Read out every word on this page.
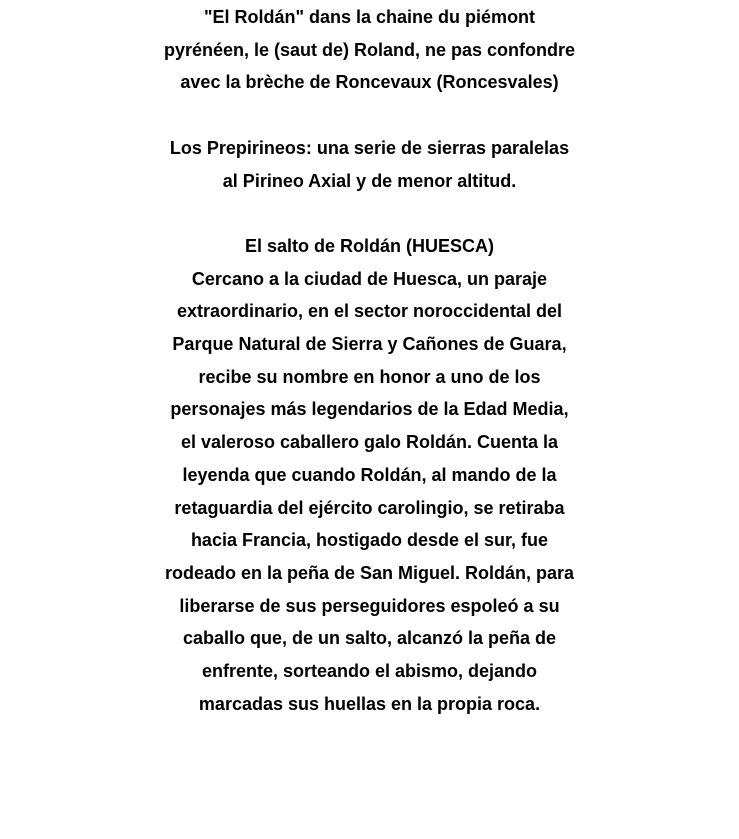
"El Roldán" dans la chaine du piémont
pyrénéen, le (saut de) Roland, ne pas confondre
avec la brèche de Roncevaux (Roncesvales)
Los Prepirineos: una serie de sierras paralelas
al Pirineo Axial y de menor altitud.
El salto de Roldán (HUESCA)
Cercano a la ciudad de Huesca, un paraje
extraordinario, en el sector noroccidental del
Parque Natural de Sierra y Cañones de Guara,
recibe su nombre en honor a uno de los
personajes más legendarios de la Edad Media,
el valeroso caballero galo Roldán. Cuenta la
leyenda que cuando Roldán, al mando de la
retaguardia del ejército carolingio, se retiraba
hacia Francia, hostigado desde el sur, fue
rodeado en la peña de San Miguel. Roldán, para
liberarse de sus perseguidores espoleó a su
caballo que, de un salto, alcanzó la peña de
enfrente, sorteando el abismo, dejando
marcadas sus huellas en la propia roca.
